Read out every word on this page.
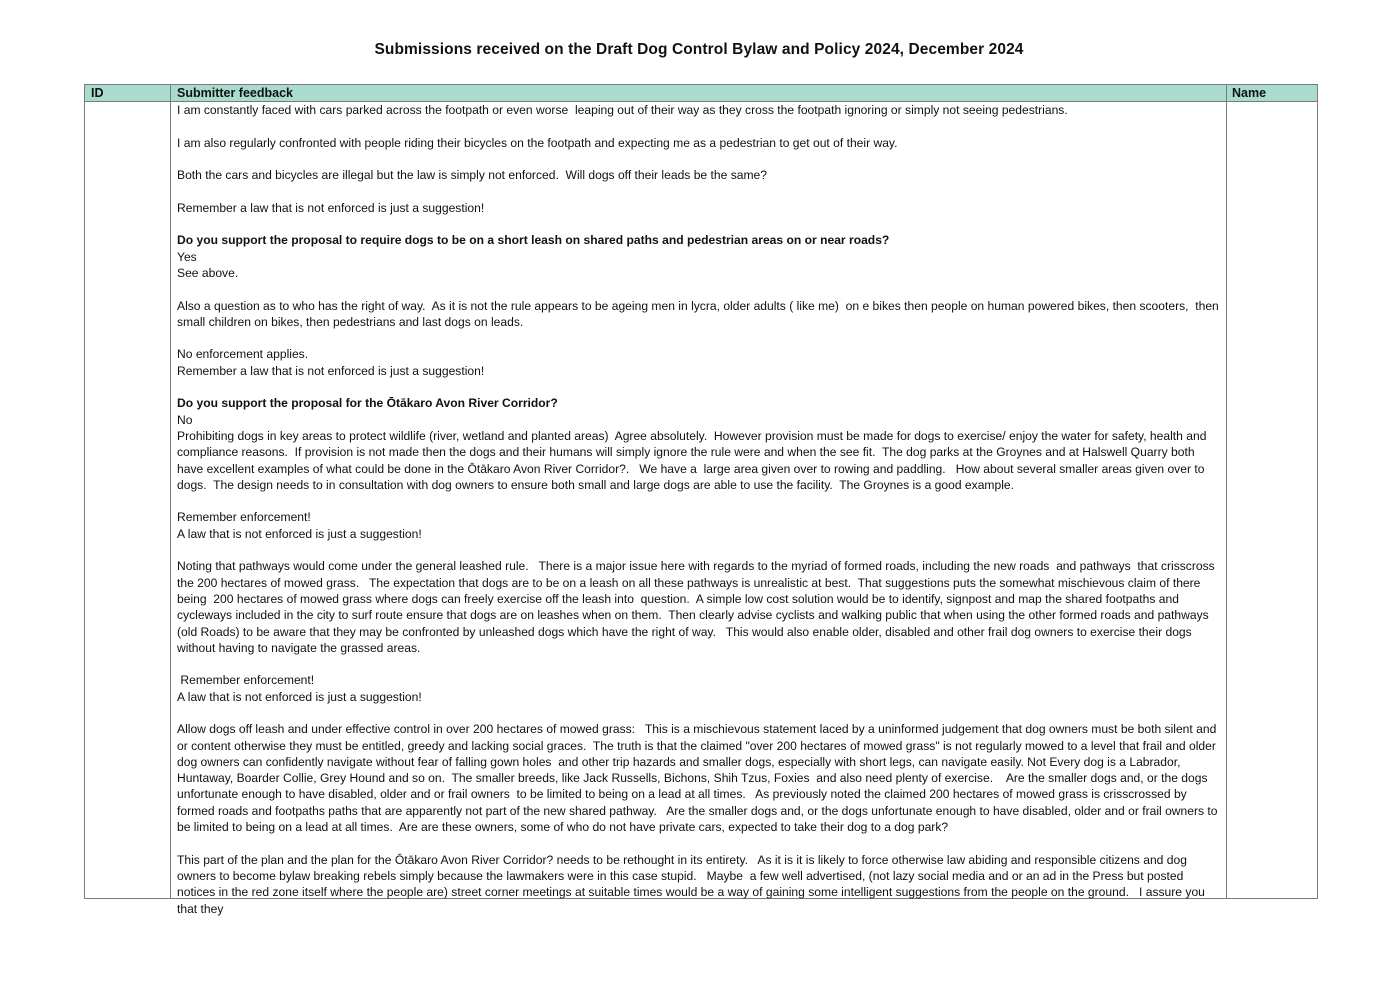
Submissions received on the Draft Dog Control Bylaw and Policy 2024, December 2024
ID	Submitter feedback	Name

I am constantly faced with cars parked across the footpath or even worse  leaping out of their way as they cross the footpath ignoring or simply not seeing pedestrians.

I am also regularly confronted with people riding their bicycles on the footpath and expecting me as a pedestrian to get out of their way.

Both the cars and bicycles are illegal but the law is simply not enforced.  Will dogs off their leads be the same?

Remember a law that is not enforced is just a suggestion!

Do you support the proposal to require dogs to be on a short leash on shared paths and pedestrian areas on or near roads?

Yes

See above.

Also a question as to who has the right of way.  As it is not the rule appears to be ageing men in lycra, older adults ( like me)  on e bikes then people on human powered bikes, then scooters,  then small children on bikes, then pedestrians and last dogs on leads.

No enforcement applies.

Remember a law that is not enforced is just a suggestion!

Do you support the proposal for the Ōtākaro Avon River Corridor?

No

Prohibiting dogs in key areas to protect wildlife (river, wetland and planted areas)  Agree absolutely.  However provision must be made for dogs to exercise/ enjoy the water for safety, health and compliance reasons.  If provision is not made then the dogs and their humans will simply ignore the rule were and when the see fit.  The dog parks at the Groynes and at Halswell Quarry both have excellent examples of what could be done in the Ōtākaro Avon River Corridor?.   We have a  large area given over to rowing and paddling.   How about several smaller areas given over to dogs.  The design needs to in consultation with dog owners to ensure both small and large dogs are able to use the facility.  The Groynes is a good example.

Remember enforcement!

A law that is not enforced is just a suggestion!

Noting that pathways would come under the general leashed rule.   There is a major issue here with regards to the myriad of formed roads, including the new roads  and pathways  that crisscross the 200 hectares of mowed grass.   The expectation that dogs are to be on a leash on all these pathways is unrealistic at best.  That suggestions puts the somewhat mischievous claim of there being  200 hectares of mowed grass where dogs can freely exercise off the leash into  question.  A simple low cost solution would be to identify, signpost and map the shared footpaths and cycleways included in the city to surf route ensure that dogs are on leashes when on them.  Then clearly advise cyclists and walking public that when using the other formed roads and pathways (old Roads) to be aware that they may be confronted by unleashed dogs which have the right of way.   This would also enable older, disabled and other frail dog owners to exercise their dogs without having to navigate the grassed areas.

Remember enforcement!

A law that is not enforced is just a suggestion!

Allow dogs off leash and under effective control in over 200 hectares of mowed grass:   This is a mischievous statement laced by a uninformed judgement that dog owners must be both silent and or content otherwise they must be entitled, greedy and lacking social graces.  The truth is that the claimed "over 200 hectares of mowed grass" is not regularly mowed to a level that frail and older dog owners can confidently navigate without fear of falling gown holes  and other trip hazards and smaller dogs, especially with short legs, can navigate easily. Not Every dog is a Labrador, Huntaway, Boarder Collie, Grey Hound and so on.  The smaller breeds, like Jack Russells, Bichons, Shih Tzus, Foxies  and also need plenty of exercise.    Are the smaller dogs and, or the dogs unfortunate enough to have disabled, older and or frail owners  to be limited to being on a lead at all times.   As previously noted the claimed 200 hectares of mowed grass is crisscrossed by formed roads and footpaths paths that are apparently not part of the new shared pathway.   Are the smaller dogs and, or the dogs unfortunate enough to have disabled, older and or frail owners to be limited to being on a lead at all times.  Are are these owners, some of who do not have private cars, expected to take their dog to a dog park?

This part of the plan and the plan for the Ōtākaro Avon River Corridor? needs to be rethought in its entirety.   As it is it is likely to force otherwise law abiding and responsible citizens and dog owners to become bylaw breaking rebels simply because the lawmakers were in this case stupid.   Maybe  a few well advertised, (not lazy social media and or an ad in the Press but posted notices in the red zone itself where the people are) street corner meetings at suitable times would be a way of gaining some intelligent suggestions from the people on the ground.   I assure you that they
